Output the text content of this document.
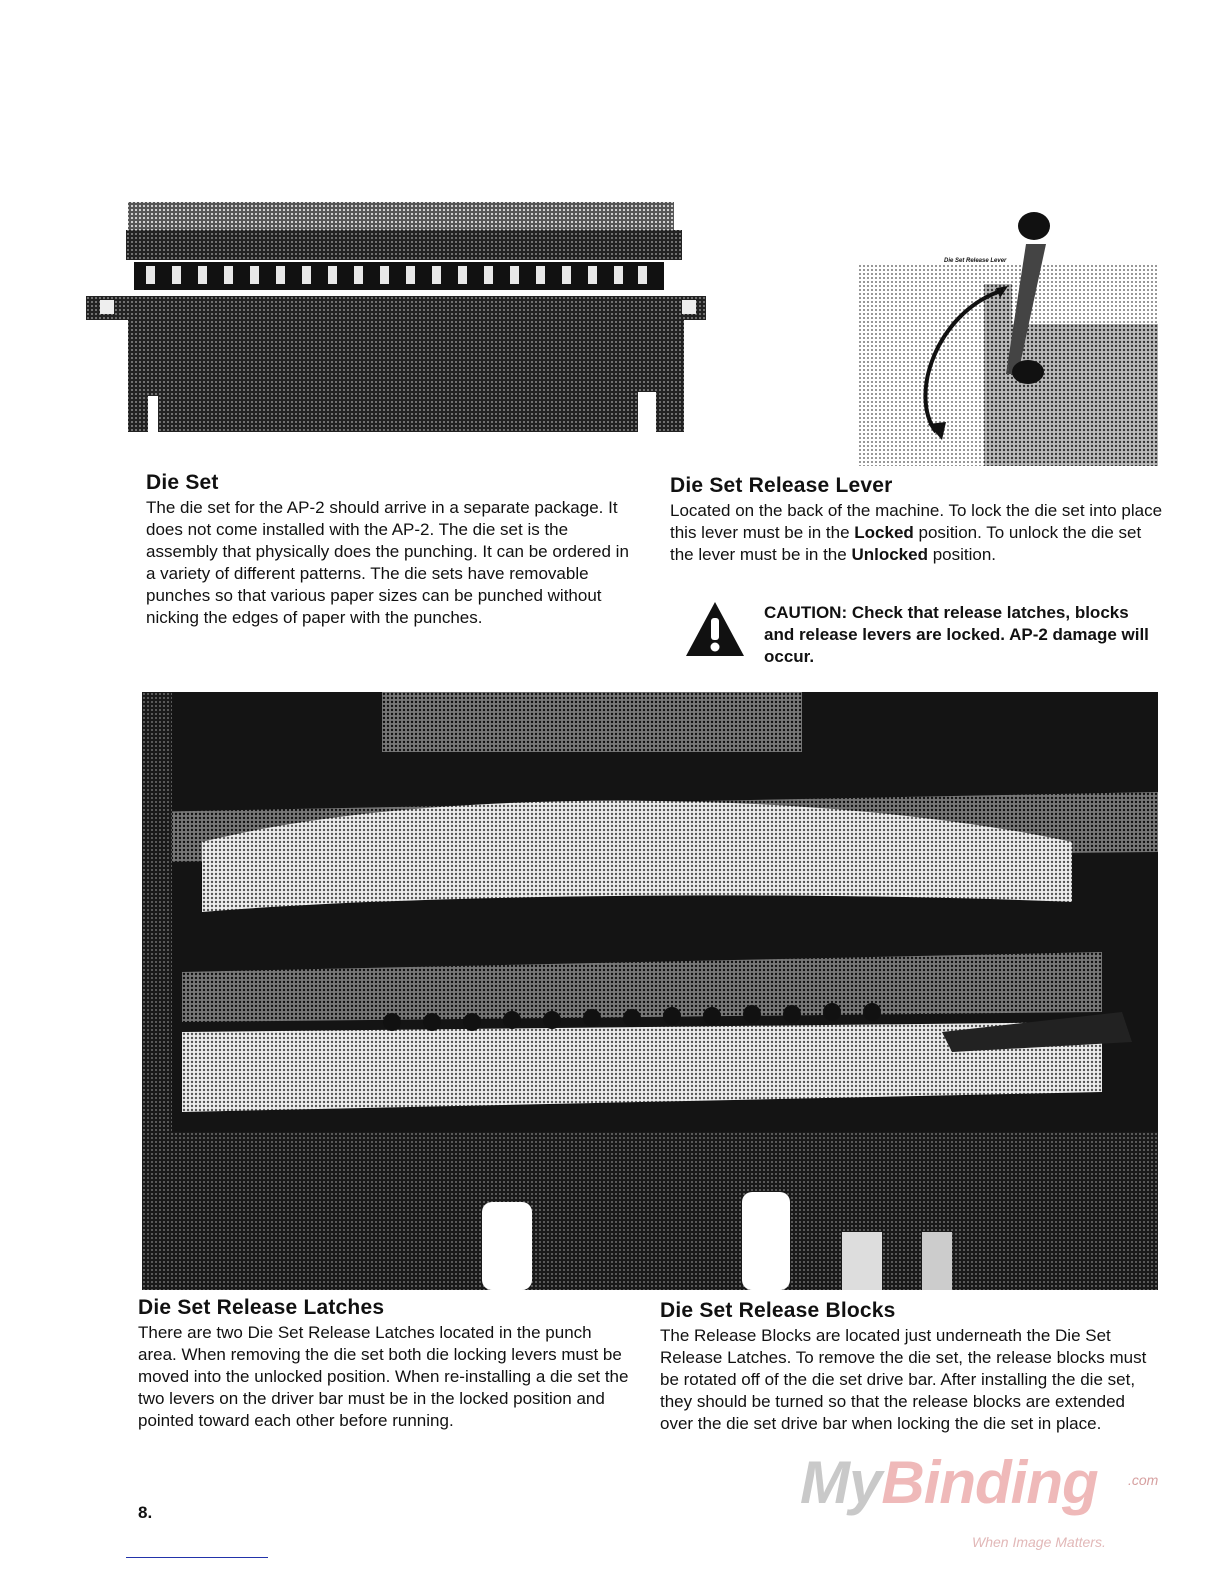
Die Set Release Lever
Die Set

The die set for the AP-2 should arrive in a separate package. It does not come installed with the AP-2. The die set is the assembly that physically does the punching. It can be ordered in a variety of different patterns. The die sets have removable punches so that various paper sizes can be punched without nicking the edges of paper with the punches.

Die Set Release Lever

Located on the back of the machine. To lock the die set into place this lever must be in the Locked position. To unlock the die set the lever must be in the Unlocked position.

CAUTION: Check that release latches, blocks and release levers are locked. AP-2 damage will occur.
Die Set Release Latches

There are two Die Set Release Latches located in the punch area. When removing the die set both die locking levers must be moved into the unlocked position. When re-installing a die set the two levers on the driver bar must be in the locked position and pointed toward each other before running.

Die Set Release Blocks

The Release Blocks are located just underneath the Die Set Release Latches. To remove the die set, the release blocks must be rotated off of the die set drive bar. After installing the die set, they should be turned so that the release blocks are extended over the die set drive bar when locking the die set in place.

8.	MyBinding .com
When Image Matters.
